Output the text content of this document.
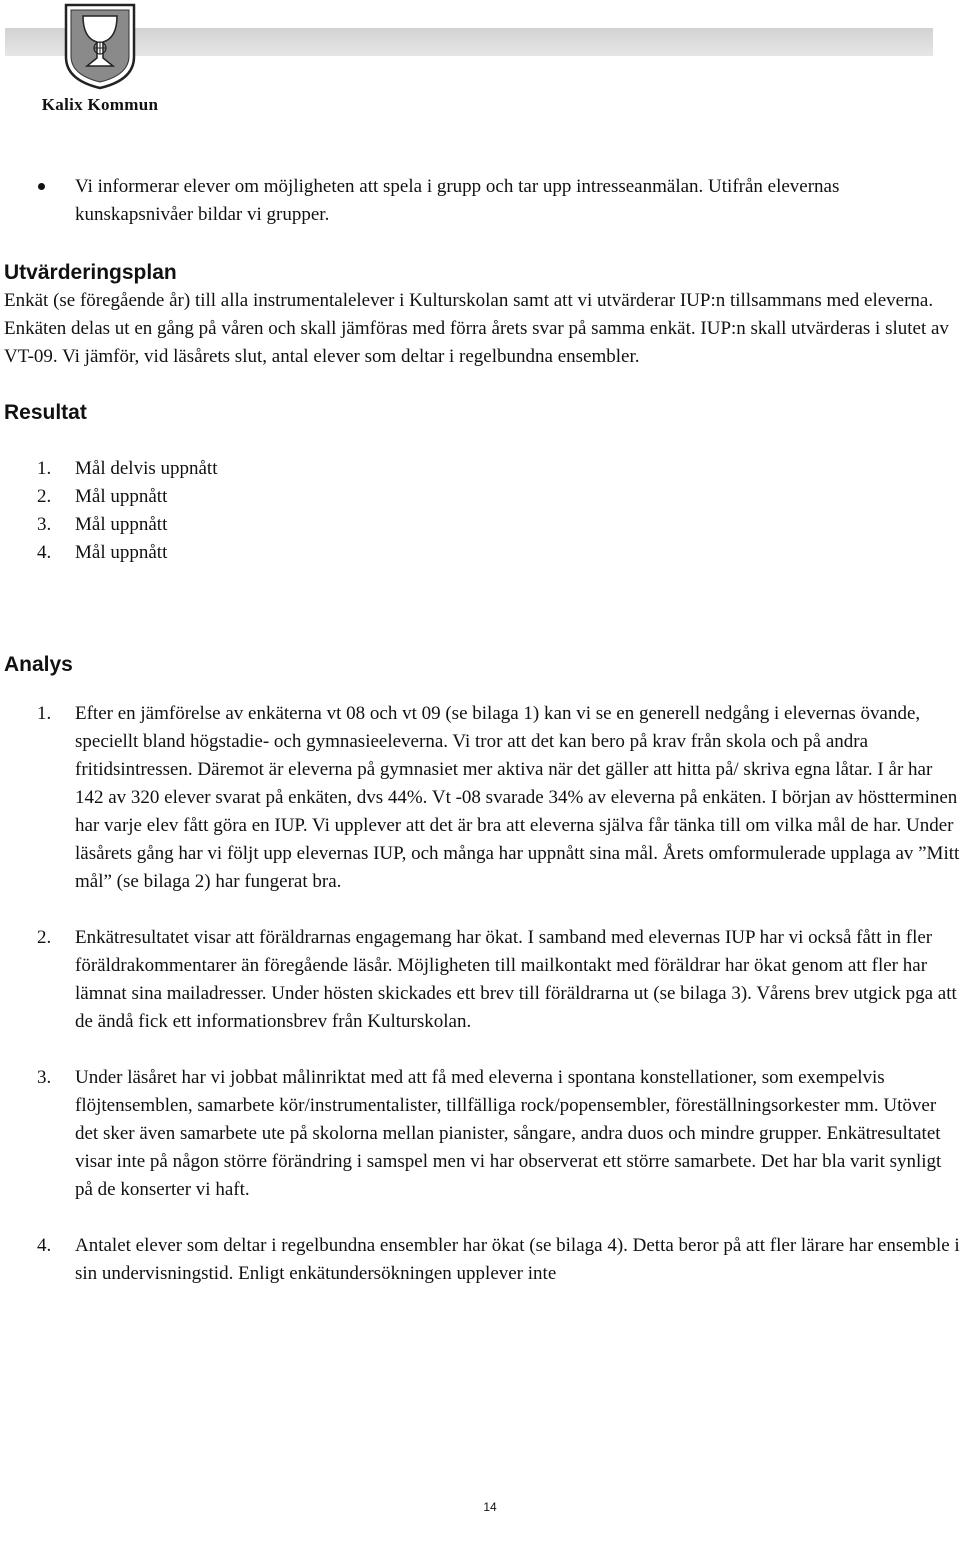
Kalix Kommun
Vi informerar elever om möjligheten att spela i grupp och tar upp intresseanmälan. Utifrån elevernas kunskapsnivåer bildar vi grupper.
Utvärderingsplan

Enkät (se föregående år) till alla instrumentalelever i Kulturskolan samt att vi utvärderar IUP:n tillsammans med eleverna. Enkäten delas ut en gång på våren och skall jämföras med förra årets svar på samma enkät. IUP:n skall utvärderas i slutet av VT-09. Vi jämför, vid läsårets slut, antal elever som deltar i regelbundna ensembler.

Resultat
1. Mål delvis uppnått
2. Mål uppnått
3. Mål uppnått
4. Mål uppnått
Analys
1. Efter en jämförelse av enkäterna vt 08 och vt 09 (se bilaga 1) kan vi se en generell nedgång i elevernas övande, speciellt bland högstadie- och gymnasieeleverna. Vi tror att det kan bero på krav från skola och på andra fritidsintressen. Däremot är eleverna på gymnasiet mer aktiva när det gäller att hitta på/ skriva egna låtar. I år har 142 av 320 elever svarat på enkäten, dvs 44%. Vt -08 svarade 34% av eleverna på enkäten. I början av höstterminen har varje elev fått göra en IUP. Vi upplever att det är bra att eleverna själva får tänka till om vilka mål de har. Under läsårets gång har vi följt upp elevernas IUP, och många har uppnått sina mål. Årets omformulerade upplaga av ”Mitt mål” (se bilaga 2) har fungerat bra.
2. Enkätresultatet visar att föräldrarnas engagemang har ökat. I samband med elevernas IUP har vi också fått in fler föräldrakommentarer än föregående läsår. Möjligheten till mailkontakt med föräldrar har ökat genom att fler har lämnat sina mailadresser. Under hösten skickades ett brev till föräldrarna ut (se bilaga 3). Vårens brev utgick pga att de ändå fick ett informationsbrev från Kulturskolan.
3. Under läsåret har vi jobbat målinriktat med att få med eleverna i spontana konstellationer, som exempelvis flöjtensemblen, samarbete kör/instrumentalister, tillfälliga rock/popensembler, föreställningsorkester mm. Utöver det sker även samarbete ute på skolorna mellan pianister, sångare, andra duos och mindre grupper. Enkätresultatet visar inte på någon större förändring i samspel men vi har observerat ett större samarbete. Det har bla varit synligt på de konserter vi haft.
4. Antalet elever som deltar i regelbundna ensembler har ökat (se bilaga 4). Detta beror på att fler lärare har ensemble i sin undervisningstid. Enligt enkätundersökningen upplever inte
14
